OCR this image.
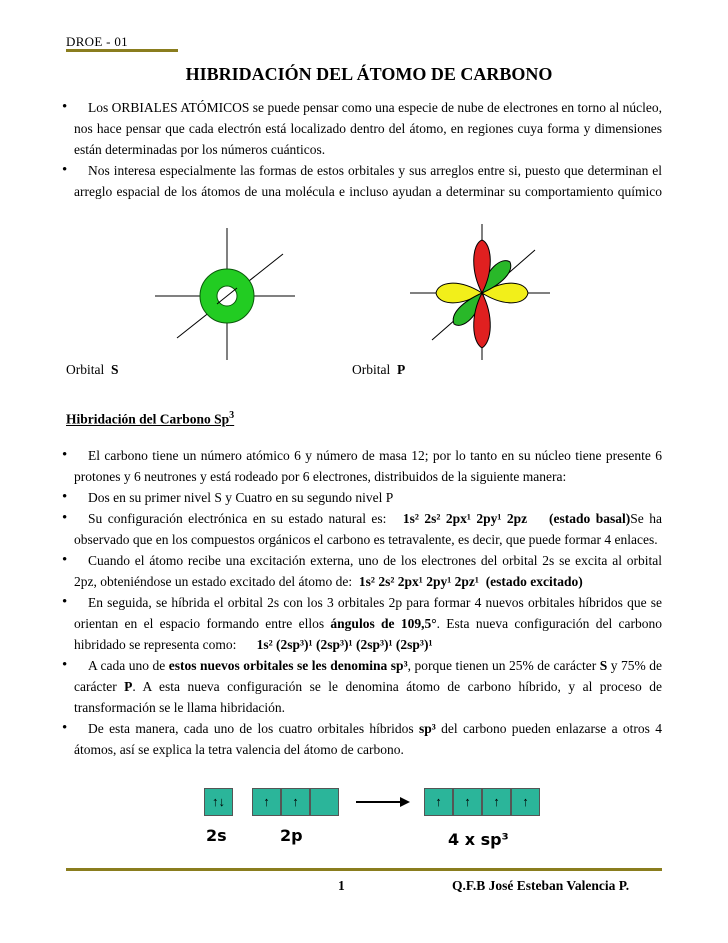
DROE - 01
HIBRIDACIÓN DEL ÁTOMO DE CARBONO
• Los ORBIALES ATÓMICOS se puede pensar como una especie de nube de electrones en torno al núcleo, nos hace pensar que cada electrón está localizado dentro del átomo, en regiones cuya forma y dimensiones están determinadas por los números cuánticos.
• Nos interesa especialmente las formas de estos orbitales y sus arreglos entre si, puesto que determinan el arreglo espacial de los átomos de una molécula e incluso ayudan a determinar su comportamiento químico
Orbital S	Orbital P
Hibridación del Carbono Sp$^3$
• El carbono tiene un número atómico 6 y número de masa 12; por lo tanto en su núcleo tiene presente 6 protones y 6 neutrones y está rodeado por 6 electrones, distribuidos de la siguiente manera:
• Dos en su primer nivel S y Cuatro en su segundo nivel P
• Su configuración electrónica en su estado natural es: 1s² 2s² 2px¹ 2py¹ 2pz (estado basal)Se ha observado que en los compuestos orgánicos el carbono es tetravalente, es decir, que puede formar 4 enlaces.
• Cuando el átomo recibe una excitación externa, uno de los electrones del orbital 2s se excita al orbital 2pz, obteniéndose un estado excitado del átomo de: 1s² 2s² 2px¹ 2py¹ 2pz¹ (estado excitado)
• En seguida, se híbrida el orbital 2s con los 3 orbitales 2p para formar 4 nuevos orbitales híbridos que se orientan en el espacio formando entre ellos ángulos de 109,5°. Esta nueva configuración del carbono hibridado se representa como: 1s² (2sp³)¹ (2sp³)¹ (2sp³)¹ (2sp³)¹
• A cada uno de estos nuevos orbitales se les denomina sp³, porque tienen un 25% de carácter S y 75% de carácter P. A esta nueva configuración se le denomina átomo de carbono híbrido, y al proceso de transformación se le llama hibridación.
• De esta manera, cada uno de los cuatro orbitales híbridos sp³ del carbono pueden enlazarse a otros 4 átomos, así se explica la tetra valencia del átomo de carbono.
↑↓	↑	↑	↑	↑	↑	↑
2s	2p	4 x sp³
1	Q.F.B José Esteban Valencia P.
